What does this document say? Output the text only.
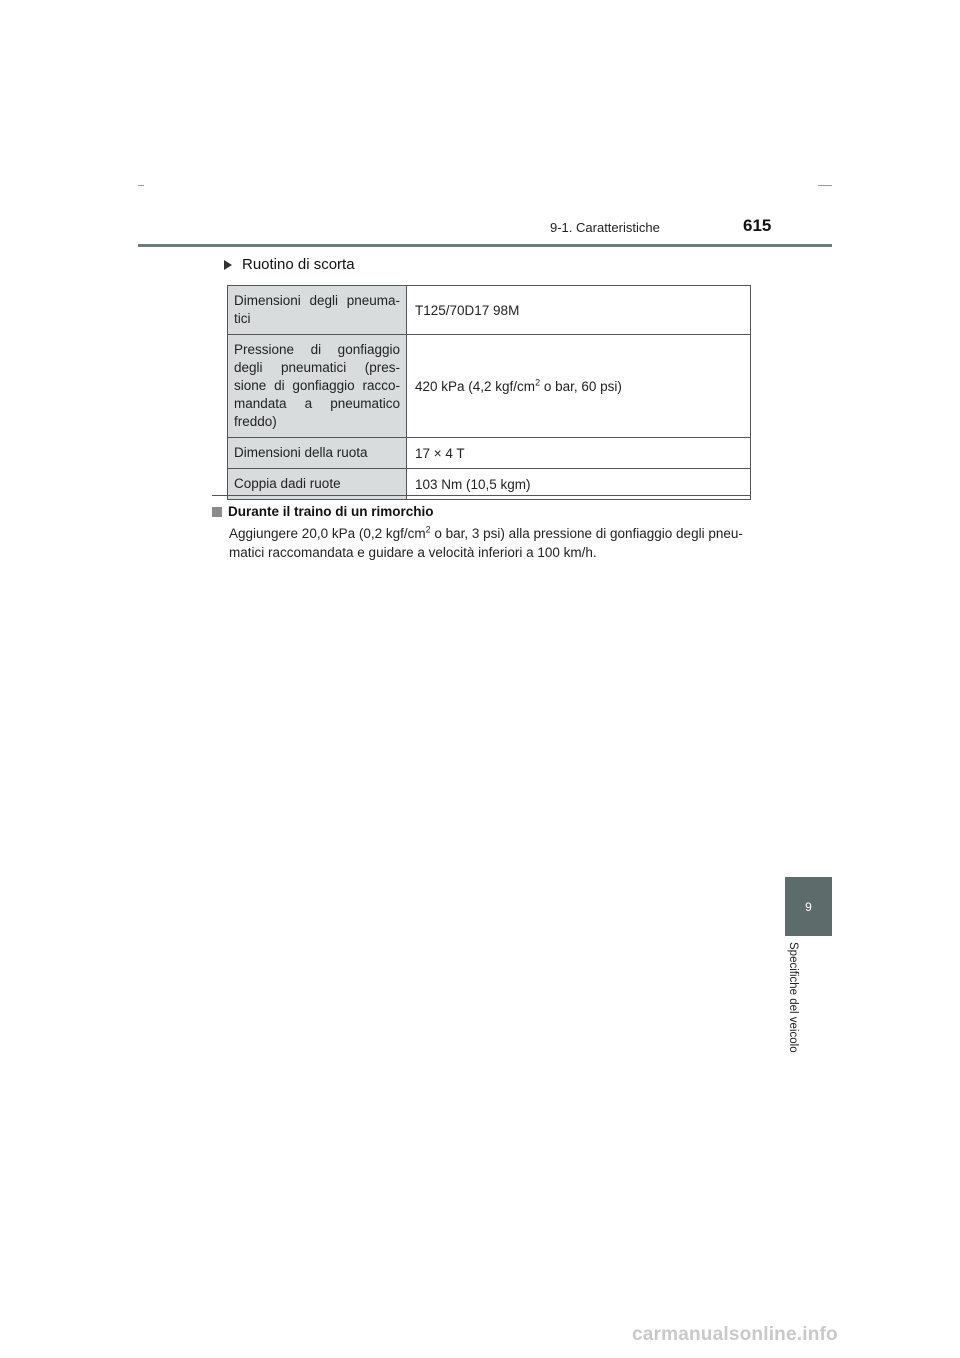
9-1. Caratteristiche	615
Ruotino di scorta
Dimensioni degli pneuma-tici	T125/70D17 98M
Pressione di gonfiaggio degli pneumatici (pres-sione di gonfiaggio racco-mandata a pneumatico freddo)	420 kPa (4,2 kgf/$cm^2$ o bar, 60 psi)
Dimensioni della ruota	17 × 4 T
Coppia dadi ruote	103 Nm (10,5 kgm)
Durante il traino di un rimorchio
Aggiungere 20,0 kPa (0,2 kgf/$cm^2$ o bar, 3 psi) alla pressione di gonfiaggio degli pneu-matici raccomandata e guidare a velocità inferiori a 100 km/h.
9
Specifiche del veicolo
carmanualsonline.info
